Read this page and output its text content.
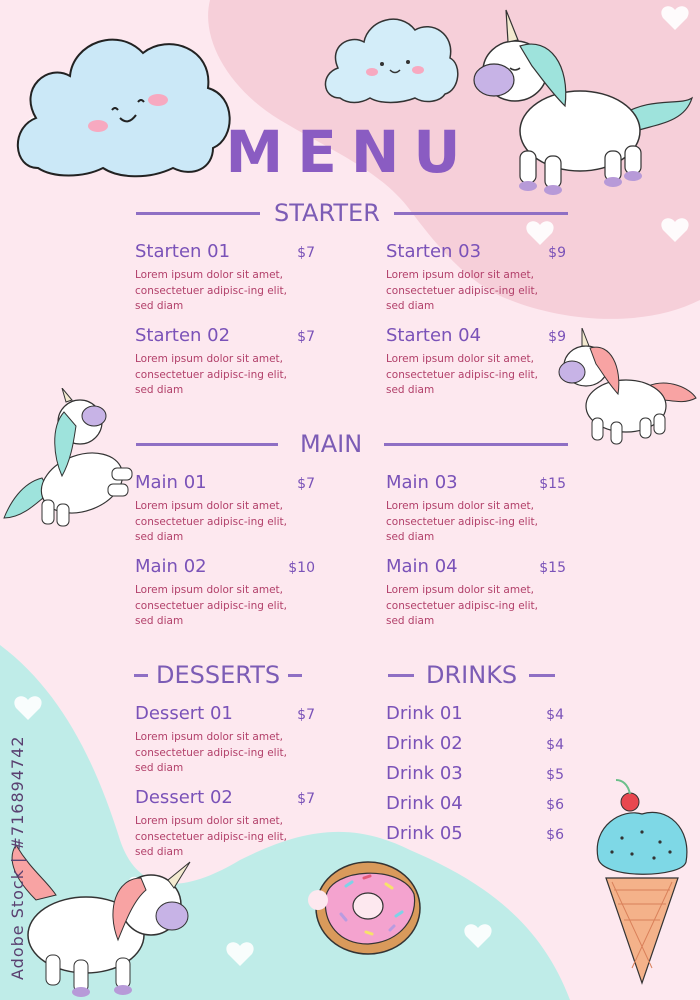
MENU
STARTER
Starten 01	$7
Lorem ipsum dolor sit amet, consectetuer adipisc-ing elit, sed diam
Starten 02	$7
Lorem ipsum dolor sit amet, consectetuer adipisc-ing elit, sed diam
Starten 03	$9
Lorem ipsum dolor sit amet, consectetuer adipisc-ing elit, sed diam
Starten 04	$9
Lorem ipsum dolor sit amet, consectetuer adipisc-ing elit, sed diam
MAIN
Main 01	$7
Lorem ipsum dolor sit amet, consectetuer adipisc-ing elit, sed diam
Main 02	$10
Lorem ipsum dolor sit amet, consectetuer adipisc-ing elit, sed diam
Main 03	$15
Lorem ipsum dolor sit amet, consectetuer adipisc-ing elit, sed diam
Main 04	$15
Lorem ipsum dolor sit amet, consectetuer adipisc-ing elit, sed diam
DESSERTS
Dessert 01	$7
Lorem ipsum dolor sit amet, consectetuer adipisc-ing elit, sed diam
Dessert 02	$7
Lorem ipsum dolor sit amet, consectetuer adipisc-ing elit, sed diam
DRINKS
Drink 01	$4
Drink 02	$4
Drink 03	$5
Drink 04	$6
Drink 05	$6
Adobe Stock | #716894742
